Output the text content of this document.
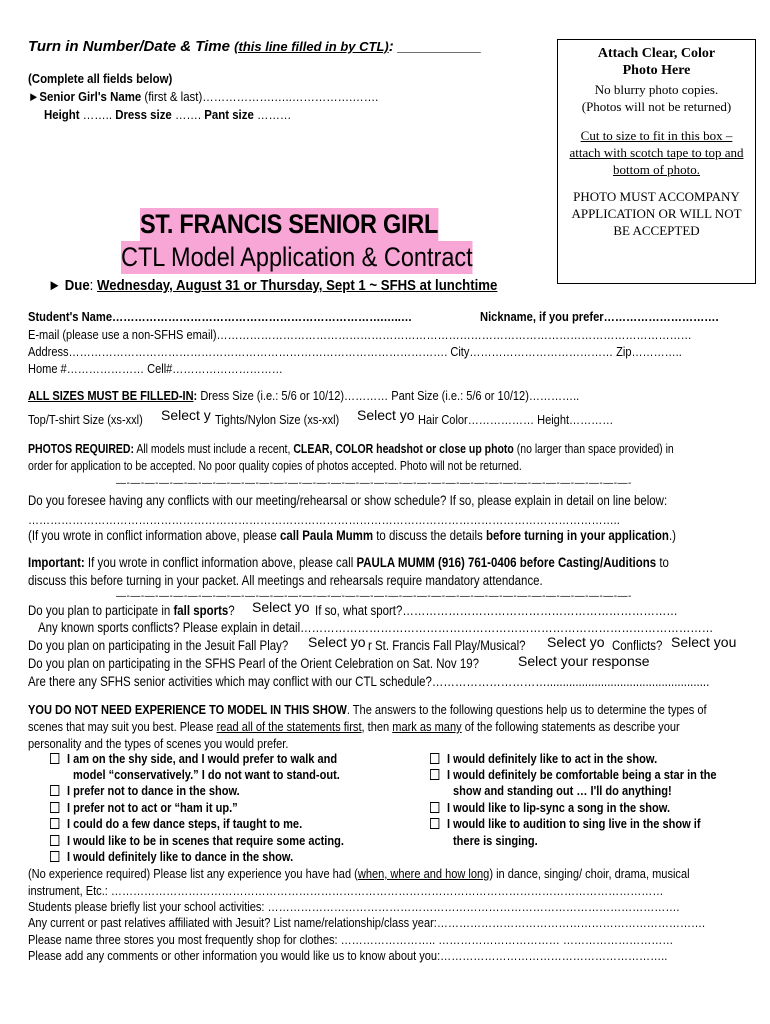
Turn in Number/Date & Time (this line filled in by CTL): __________
(Complete all fields below)
►Senior Girl's Name (first & last)……………….…..…………….…….
Height …….. Dress size ……. Pant size ………
Attach Clear, Color
Photo Here
No blurry photo copies.
(Photos will not be returned)
Cut to size to fit in this box – attach with scotch tape to top and bottom of photo.
PHOTO MUST ACCOMPANY APPLICATION OR WILL NOT BE ACCEPTED
ST. FRANCIS SENIOR GIRL
CTL Model Application & Contract
► Due: Wednesday, August 31 or Thursday, Sept 1 ~ SFHS at lunchtime
Student's Name……………………………………………………………….…..…	Nickname, if you prefer………………………….
E-mail (please use a non-SFHS email)…………………………………………………………………………………………………………………
Address…………………………………………………………………………………………. City………………………………… Zip…………..
Home #………………… Cell#…………………………
ALL SIZES MUST BE FILLED-IN: Dress Size (i.e.: 5/6 or 10/12)………… Pant Size (i.e.: 5/6 or 10/12)…………..
Top/T-shirt Size (xs-xxl) Select y Tights/Nylon Size (xs-xxl) Select yo Hair Color……………… Height…………
PHOTOS REQUIRED: All models must include a recent, CLEAR, COLOR headshot or close up photo (no larger than space provided) in
order for application to be accepted. No poor quality copies of photos accepted. Photo will not be returned.
—-—-—-—-—-—-—-—-—-—-—-—-—-—-—-—-—-—-—-—-—-—-—-—-—-—-—-—-—-—-—-—-—-—-—-—-
Do you foresee having any conflicts with our meeting/rehearsal or show schedule? If so, please explain in detail on line below:
……………………………………………………………………………………………………………………………………………..
(If you wrote in conflict information above, please call Paula Mumm to discuss the details before turning in your application.)
Important: If you wrote in conflict information above, please call PAULA MUMM (916) 761-0406 before Casting/Auditions to
discuss this before turning in your packet. All meetings and rehearsals require mandatory attendance.
—-—-—-—-—-—-—-—-—-—-—-—-—-—-—-—-—-—-—-—-—-—-—-—-—-—-—-—-—-—-—-—-—-—-—-—-
Do you plan to participate in fall sports? Select yo If so, what sport?………………………………………………………………
Any known sports conflicts? Please explain in detail………………………………………………………………………………………………
Do you plan on participating in the Jesuit Fall Play? Select yo r St. Francis Fall Play/Musical? Select yo Conflicts? Select you
Do you plan on participating in the SFHS Pearl of the Orient Celebration on Sat. Nov 19?	Select your response
Are there any SFHS senior activities which may conflict with our CTL schedule?…………………………...................................................
YOU DO NOT NEED EXPERIENCE TO MODEL IN THIS SHOW. The answers to the following questions help us to determine the types of
scenes that may suit you best. Please read all of the statements first, then mark as many of the following statements as describe your
personality and the types of scenes you would prefer.
I am on the shy side, and I would prefer to walk and
model “conservatively.” I do not want to stand-out.
I prefer not to dance in the show.
I prefer not to act or “ham it up.”
I could do a few dance steps, if taught to me.
I would like to be in scenes that require some acting.
I would definitely like to dance in the show.
I would definitely like to act in the show.
I would definitely be comfortable being a star in the
show and standing out … I'll do anything!
I would like to lip-sync a song in the show.
I would like to audition to sing live in the show if
there is singing.
(No experience required) Please list any experience you have had (when, where and how long) in dance, singing/ choir, drama, musical
instrument, Etc.: ……………………………………………………………………………………………………………………………………
Students please briefly list your school activities: ………………………………………………………………………………………………….
Any current or past relatives affiliated with Jesuit? List name/relationship/class year:……………………………………………………………….
Please name three stores you most frequently shop for clothes: …………………….. …………………………… …………………………
Please add any comments or other information you would like us to know about you:……………………………………………………..
